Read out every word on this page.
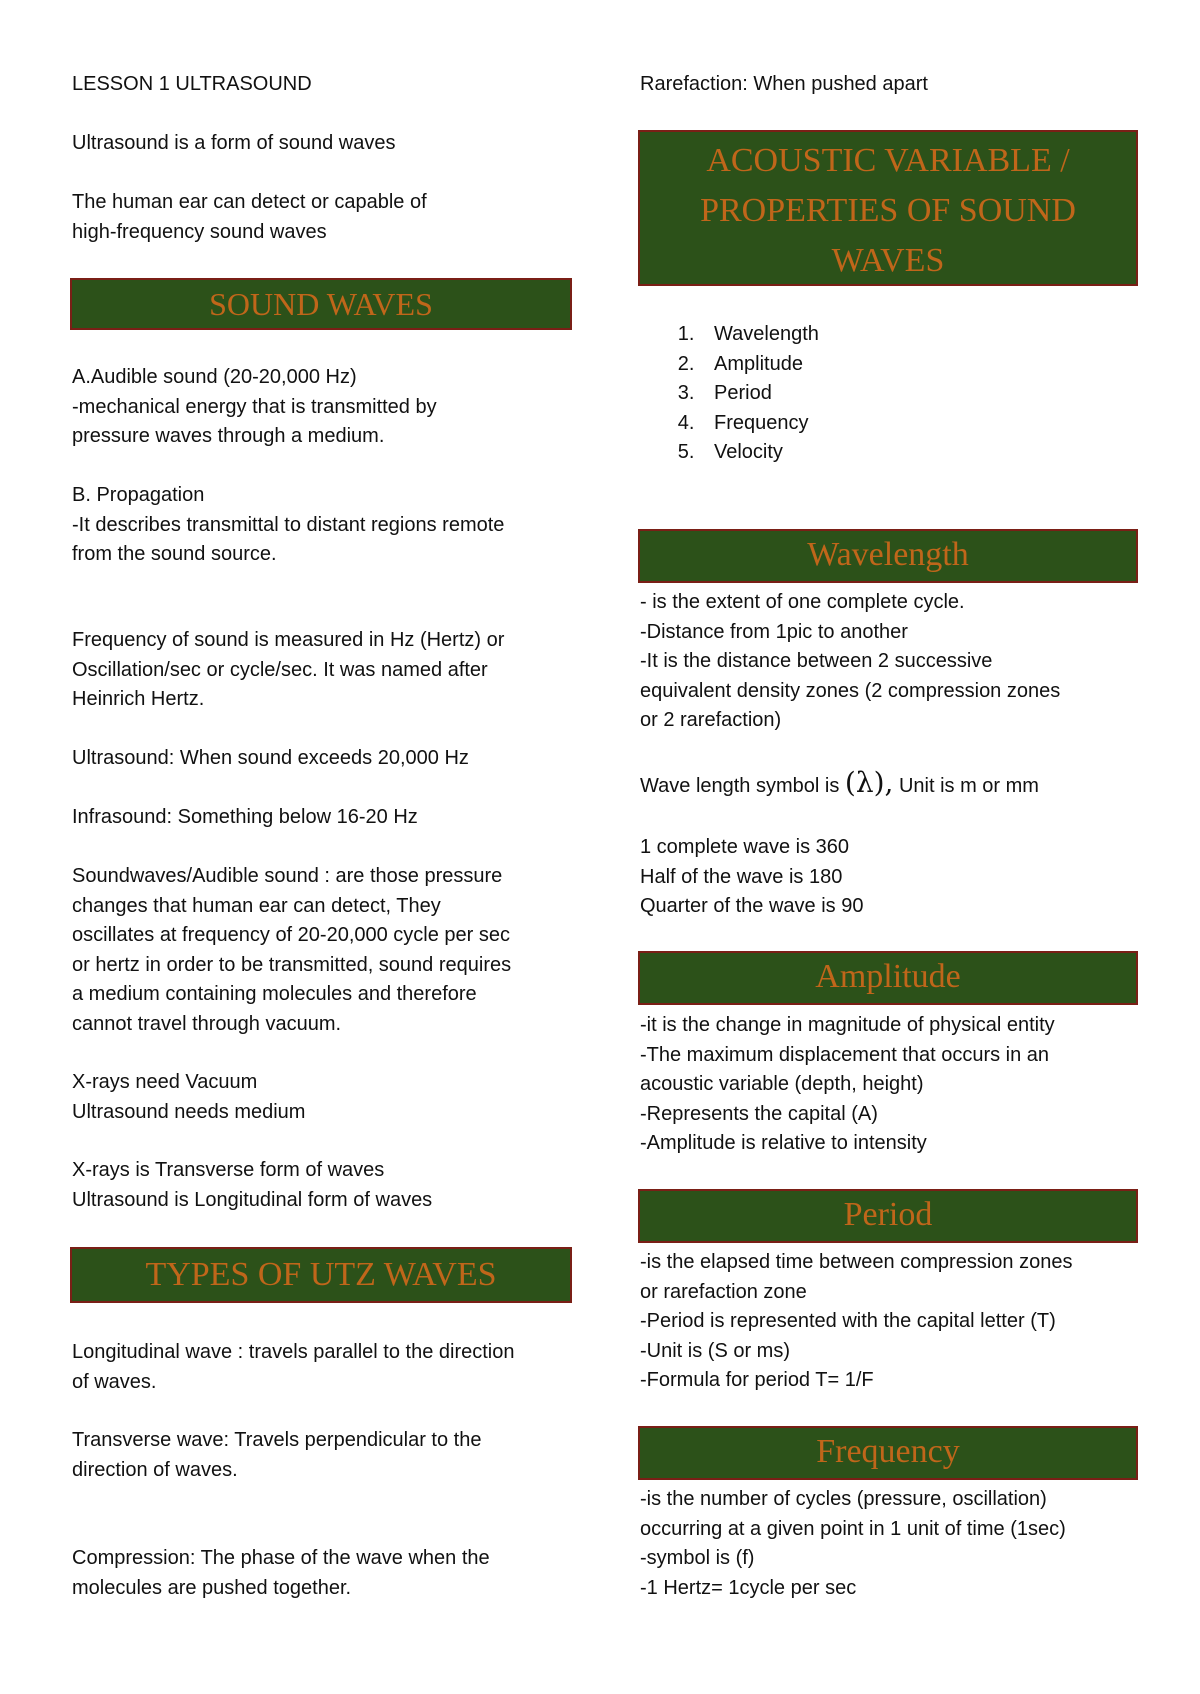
LESSON 1 ULTRASOUND

Ultrasound is a form of sound waves

The human ear can detect or capable of
high-frequency sound waves

SOUND WAVES

A.Audible sound (20-20,000 Hz)
-mechanical energy that is transmitted by
pressure waves through a medium.

B. Propagation
-It describes transmittal to distant regions remote
from the sound source.

Frequency of sound is measured in Hz (Hertz) or
Oscillation/sec or cycle/sec. It was named after
Heinrich Hertz.

Ultrasound: When sound exceeds 20,000 Hz

Infrasound: Something below 16-20 Hz

Soundwaves/Audible sound : are those pressure
changes that human ear can detect, They
oscillates at frequency of 20-20,000 cycle per sec
or hertz in order to be transmitted, sound requires
a medium containing molecules and therefore
cannot travel through vacuum.

X-rays need Vacuum
Ultrasound needs medium

X-rays is Transverse form of waves
Ultrasound is Longitudinal form of waves

TYPES OF UTZ WAVES

Longitudinal wave : travels parallel to the direction
of waves.

Transverse wave: Travels perpendicular to the
direction of waves.

Compression: The phase of the wave when the
molecules are pushed together.

Rarefaction: When pushed apart

ACOUSTIC VARIABLE /
PROPERTIES OF SOUND
WAVES
1. Wavelength
2. Amplitude
3. Period
4. Frequency
5. Velocity
Wavelength

- is the extent of one complete cycle.
-Distance from 1pic to another
-It is the distance between 2 successive
equivalent density zones (2 compression zones
or 2 rarefaction)

Wave length symbol is (λ), Unit is m or mm

1 complete wave is 360
Half of the wave is 180
Quarter of the wave is 90

Amplitude

-it is the change in magnitude of physical entity
-The maximum displacement that occurs in an
acoustic variable (depth, height)
-Represents the capital (A)
-Amplitude is relative to intensity

Period

-is the elapsed time between compression zones
or rarefaction zone
-Period is represented with the capital letter (T)
-Unit is (S or ms)
-Formula for period T= 1/F

Frequency

-is the number of cycles (pressure, oscillation)
occurring at a given point in 1 unit of time (1sec)
-symbol is (f)
-1 Hertz= 1cycle per sec
